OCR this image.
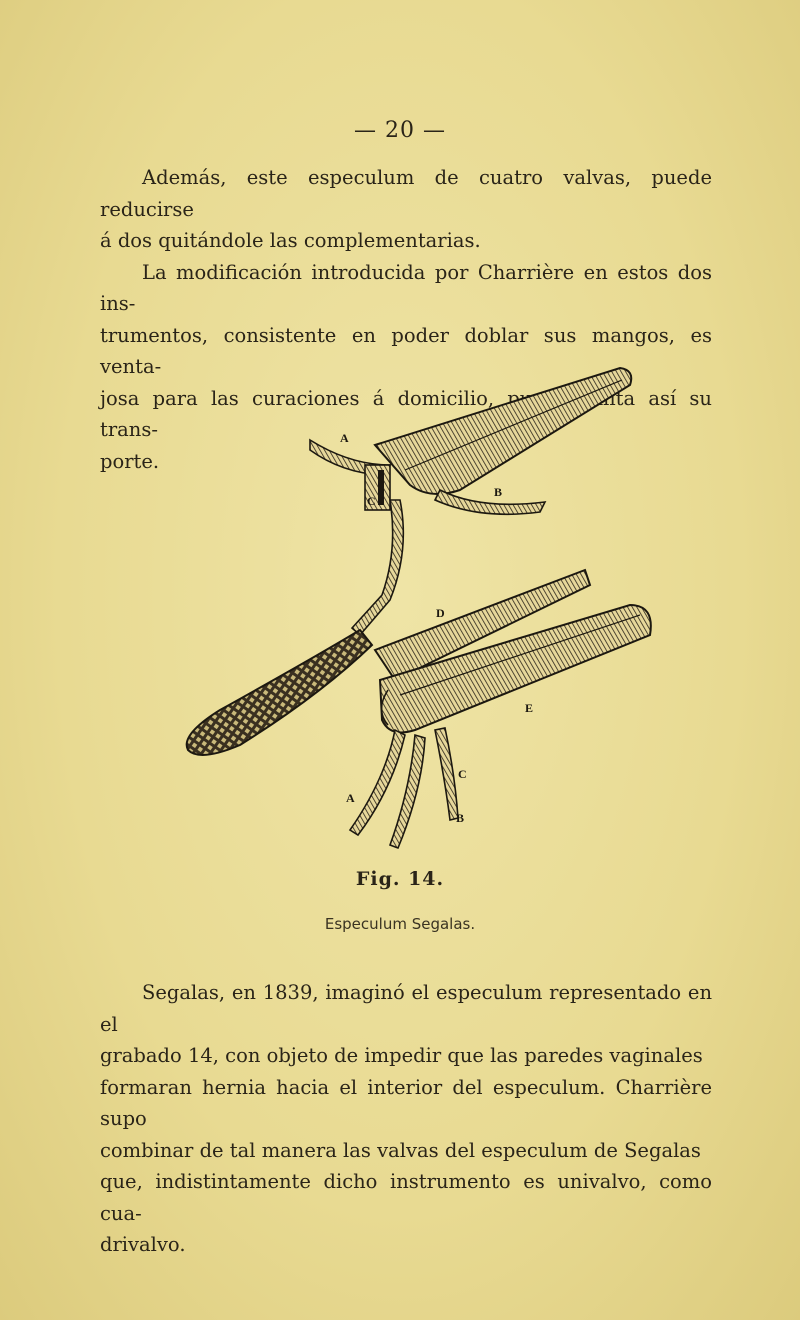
— 20 —
Además, este especulum de cuatro valvas, puede reducirse
á dos quitándole las complementarias.
La modificación introducida por Charrière en estos dos ins-
trumentos, consistente en poder doblar sus mangos, es venta-
josa para las curaciones á domicilio, pues facilita así su trans-
porte.
A
B
C
D
E
C
A
B
Fig. 14.
Especulum Segalas.
Segalas, en 1839, imaginó el especulum representado en el
grabado 14, con objeto de impedir que las paredes vaginales
formaran hernia hacia el interior del especulum. Charrière supo
combinar de tal manera las valvas del especulum de Segalas
que, indistintamente dicho instrumento es univalvo, como cua-
drivalvo.
